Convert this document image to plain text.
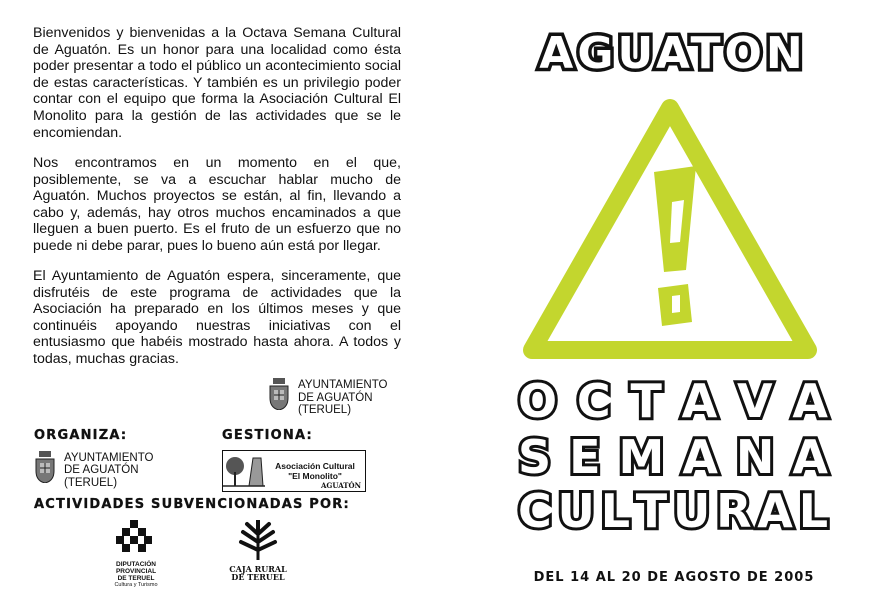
Bienvenidos y bienvenidas a la Octava Semana Cultural de Aguatón. Es un honor para una localidad como ésta poder presentar a todo el público un acontecimiento social de estas características. Y también es un privilegio poder contar con el equipo que forma la Asociación Cultural El Monolito para la gestión de las actividades que se le encomiendan.

Nos encontramos en un momento en el que, posiblemente, se va a escuchar hablar mucho de Aguatón. Muchos proyectos se están, al fin, llevando a cabo y, además, hay otros muchos encaminados a que lleguen a buen puerto. Es el fruto de un esfuerzo que no puede ni debe parar, pues lo bueno aún está por llegar.

El Ayuntamiento de Aguatón espera, sinceramente, que disfrutéis de este programa de actividades que la Asociación ha preparado en los últimos meses y que continuéis apoyando nuestras iniciativas con el entusiasmo que habéis mostrado hasta ahora. A todos y todas, muchas gracias.

AYUNTAMIENTO
DE AGUATÓN
(TERUEL)
ORGANIZA:	GESTIONA:
AYUNTAMIENTO
DE AGUATÓN
(TERUEL)
Asociación Cultural
"El Monolito"
AGUATÓN
ACTIVIDADES SUBVENCIONADAS POR:
DIPUTACIÓN
PROVINCIAL
DE TERUEL
Cultura y Turismo
CAJA RURAL
DE TERUEL
AGUATON
O C T A V A
S E M A N A
C U L T U R A L
DEL 14 AL 20 DE AGOSTO DE 2005
